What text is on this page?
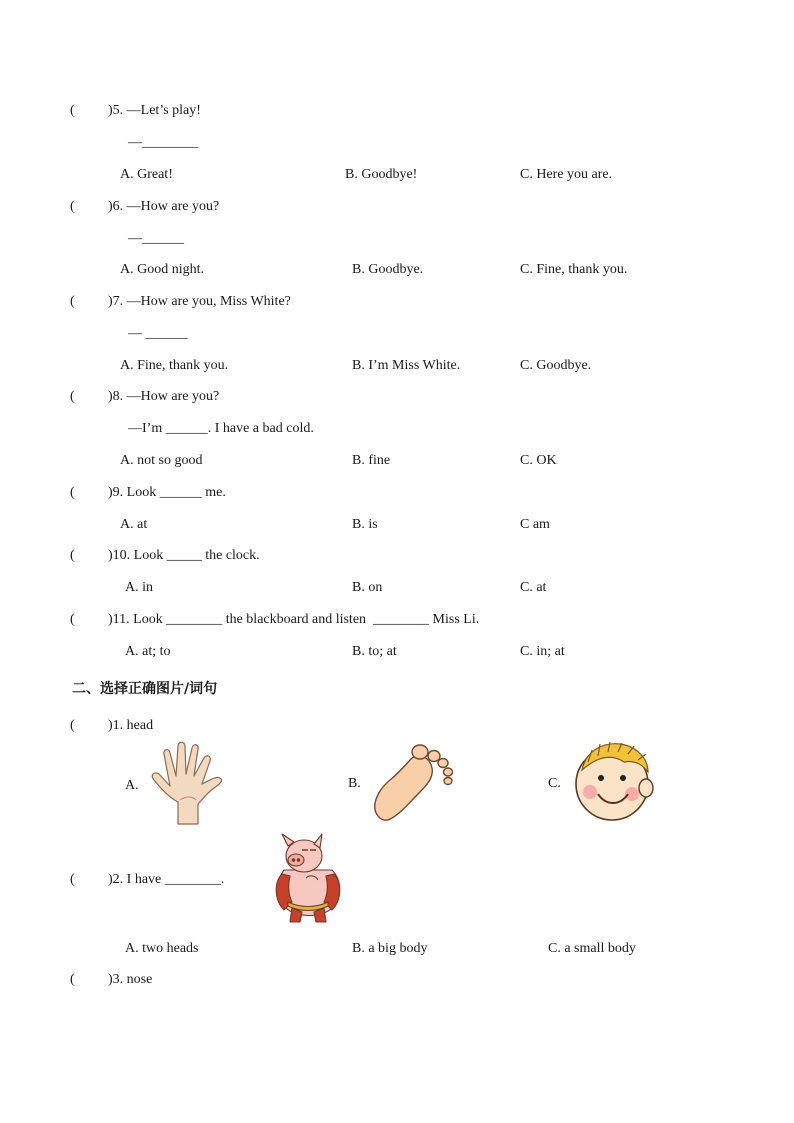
( )5. —Let’s play!
—________
A. Great!	B. Goodbye!	C. Here you are.
( )6. —How are you?
—______
A. Good night.	B. Goodbye.	C. Fine, thank you.
( )7. —How are you, Miss White?
— ______
A. Fine, thank you.	B. I’m Miss White.	C. Goodbye.
( )8. —How are you?
—I’m ______. I have a bad cold.
A. not so good	B. fine	C. OK
( )9. Look ______ me.
A. at	B. is	C am
( )10. Look _____ the clock.
A. in	B. on	C. at
( )11. Look ________ the blackboard and listen  ________ Miss Li.
A. at; to	B. to; at	C. in; at
二、选择正确图片/词句
( )1. head
A.	B.	C.
( )2. I have ________.
A. two heads	B. a big body	C. a small body
( )3. nose
